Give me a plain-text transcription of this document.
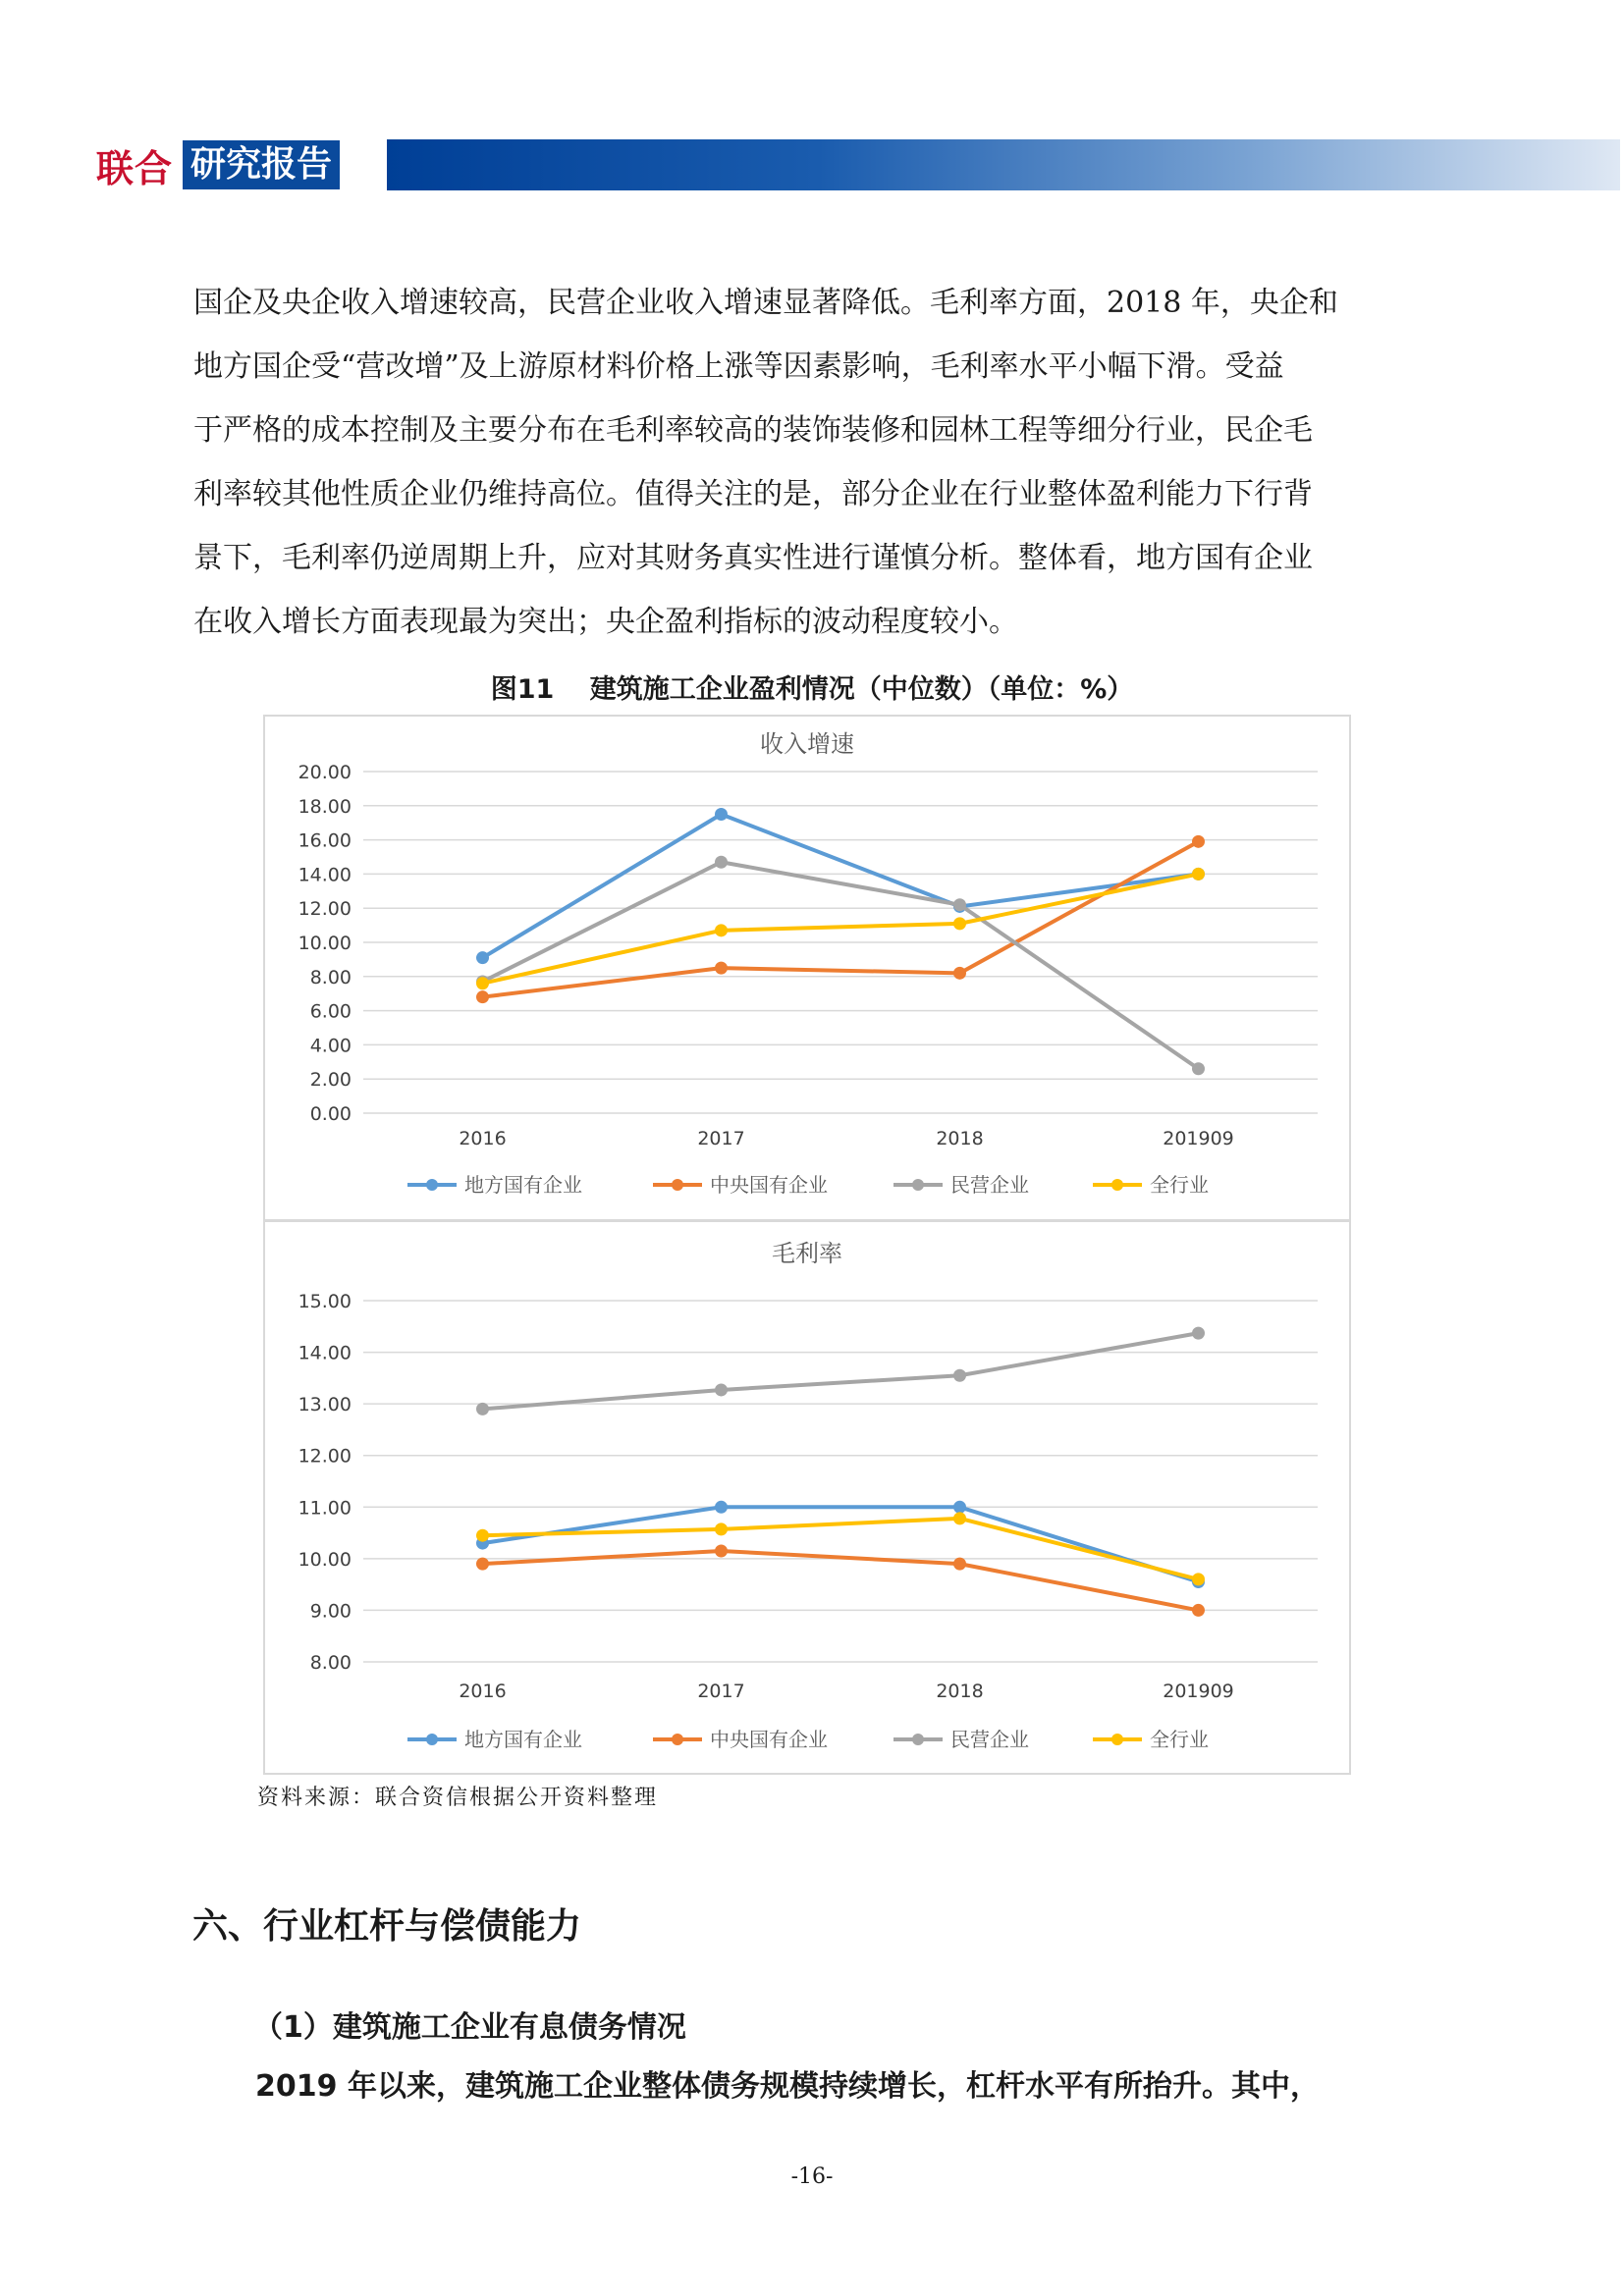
联合 研究报告

国企及央企收入增速较高，民营企业收入增速显著降低。毛利率方面，2018 年，央企和

地方国企受“营改增”及上游原材料价格上涨等因素影响，毛利率水平小幅下滑。受益

于严格的成本控制及主要分布在毛利率较高的装饰装修和园林工程等细分行业，民企毛

利率较其他性质企业仍维持高位。值得关注的是，部分企业在行业整体盈利能力下行背

景下，毛利率仍逆周期上升，应对其财务真实性进行谨慎分析。整体看，地方国有企业

在收入增长方面表现最为突出；央企盈利指标的波动程度较小。

图11　 建筑施工企业盈利情况（中位数）（单位：%）
收入增速
0.00
2.00
4.00
6.00
8.00
10.00
12.00
14.00
16.00
18.00
20.00
2016	2017	2018	201909
地方国有企业	中央国有企业	民营企业	全行业
毛利率
8.00
9.00
10.00
11.00
12.00
13.00
14.00
15.00
2016	2017	2018	201909
地方国有企业	中央国有企业	民营企业	全行业
资料来源：联合资信根据公开资料整理
六、行业杠杆与偿债能力
（1）建筑施工企业有息债务情况
2019 年以来，建筑施工企业整体债务规模持续增长，杠杆水平有所抬升。其中，
-16-
